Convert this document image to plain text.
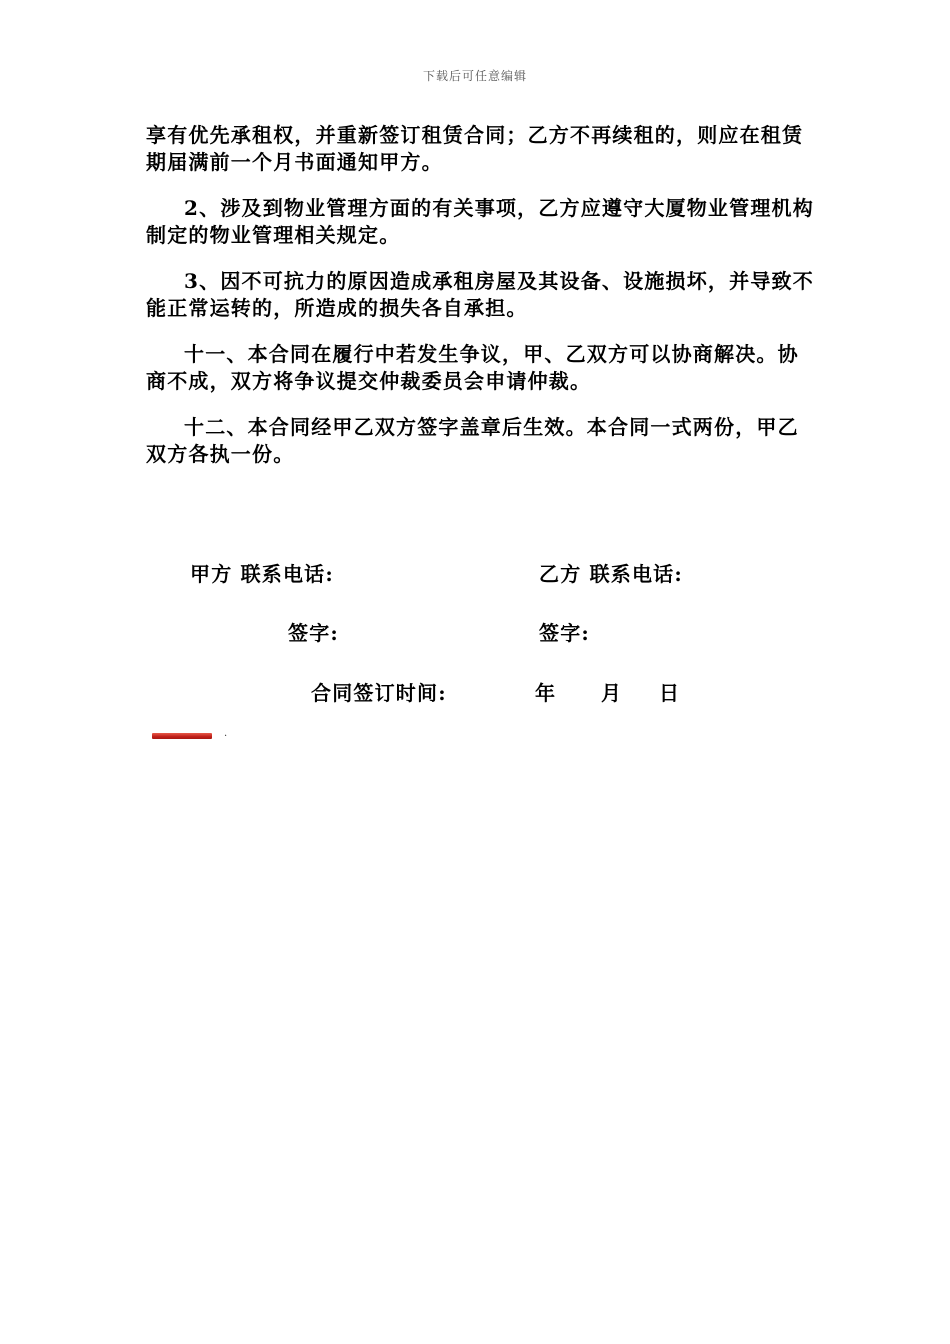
下载后可任意编辑

享有优先承租权，并重新签订租赁合同；乙方不再续租的，则应在租赁期届满前一个月书面通知甲方。

2、涉及到物业管理方面的有关事项，乙方应遵守大厦物业管理机构制定的物业管理相关规定。

3、因不可抗力的原因造成承租房屋及其设备、设施损坏，并导致不能正常运转的，所造成的损失各自承担。

十一、本合同在履行中若发生争议，甲、乙双方可以协商解决。协商不成，双方将争议提交仲裁委员会申请仲裁。

十二、本合同经甲乙双方签字盖章后生效。本合同一式两份，甲乙双方各执一份。

甲方 联系电话:	乙方 联系电话:
签字:	签字:
合同签订时间:	年 月 日
.
